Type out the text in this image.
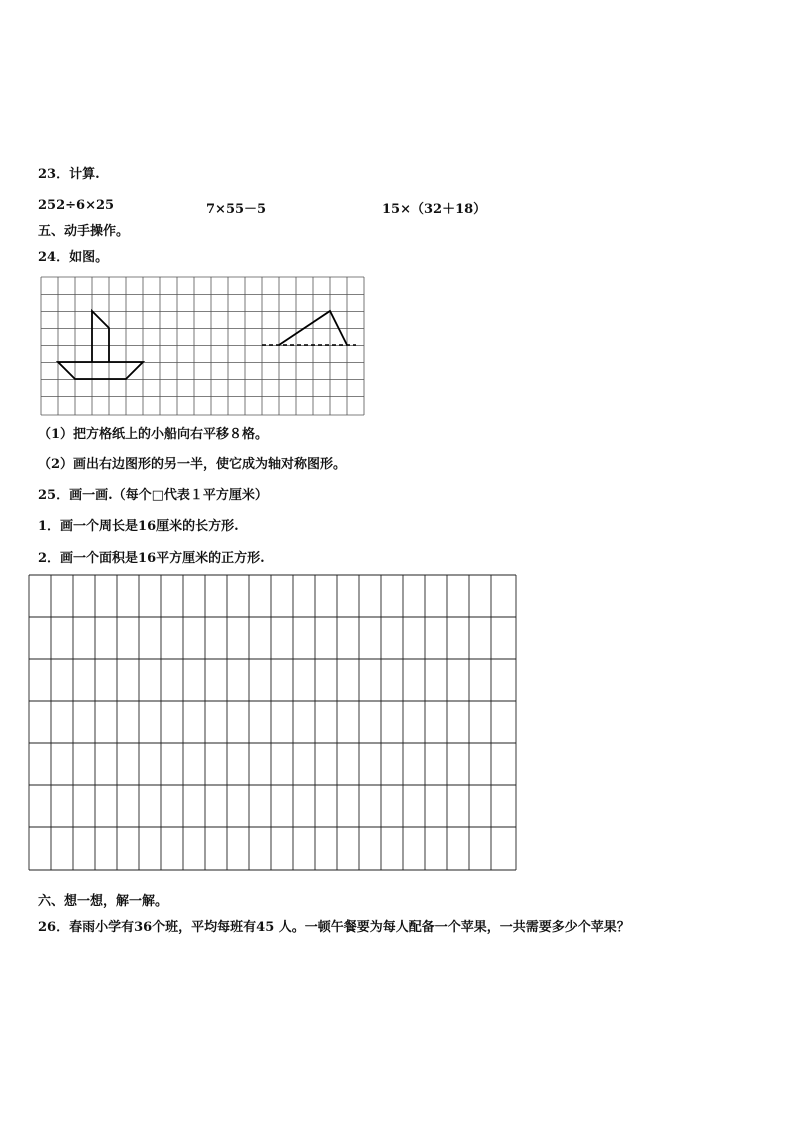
23．计算.
252÷6×25	7×55－5	15×（32＋18）
五、动手操作。
24．如图。
（1）把方格纸上的小船向右平移８格。
（2）画出右边图形的另一半，使它成为轴对称图形。
25．画一画.（每个□代表１平方厘米）
1．画一个周长是16厘米的长方形.
2．画一个面积是16平方厘米的正方形.
六、想一想，解一解。
26．春雨小学有36个班，平均每班有45 人。一顿午餐要为每人配备一个苹果，一共需要多少个苹果？
